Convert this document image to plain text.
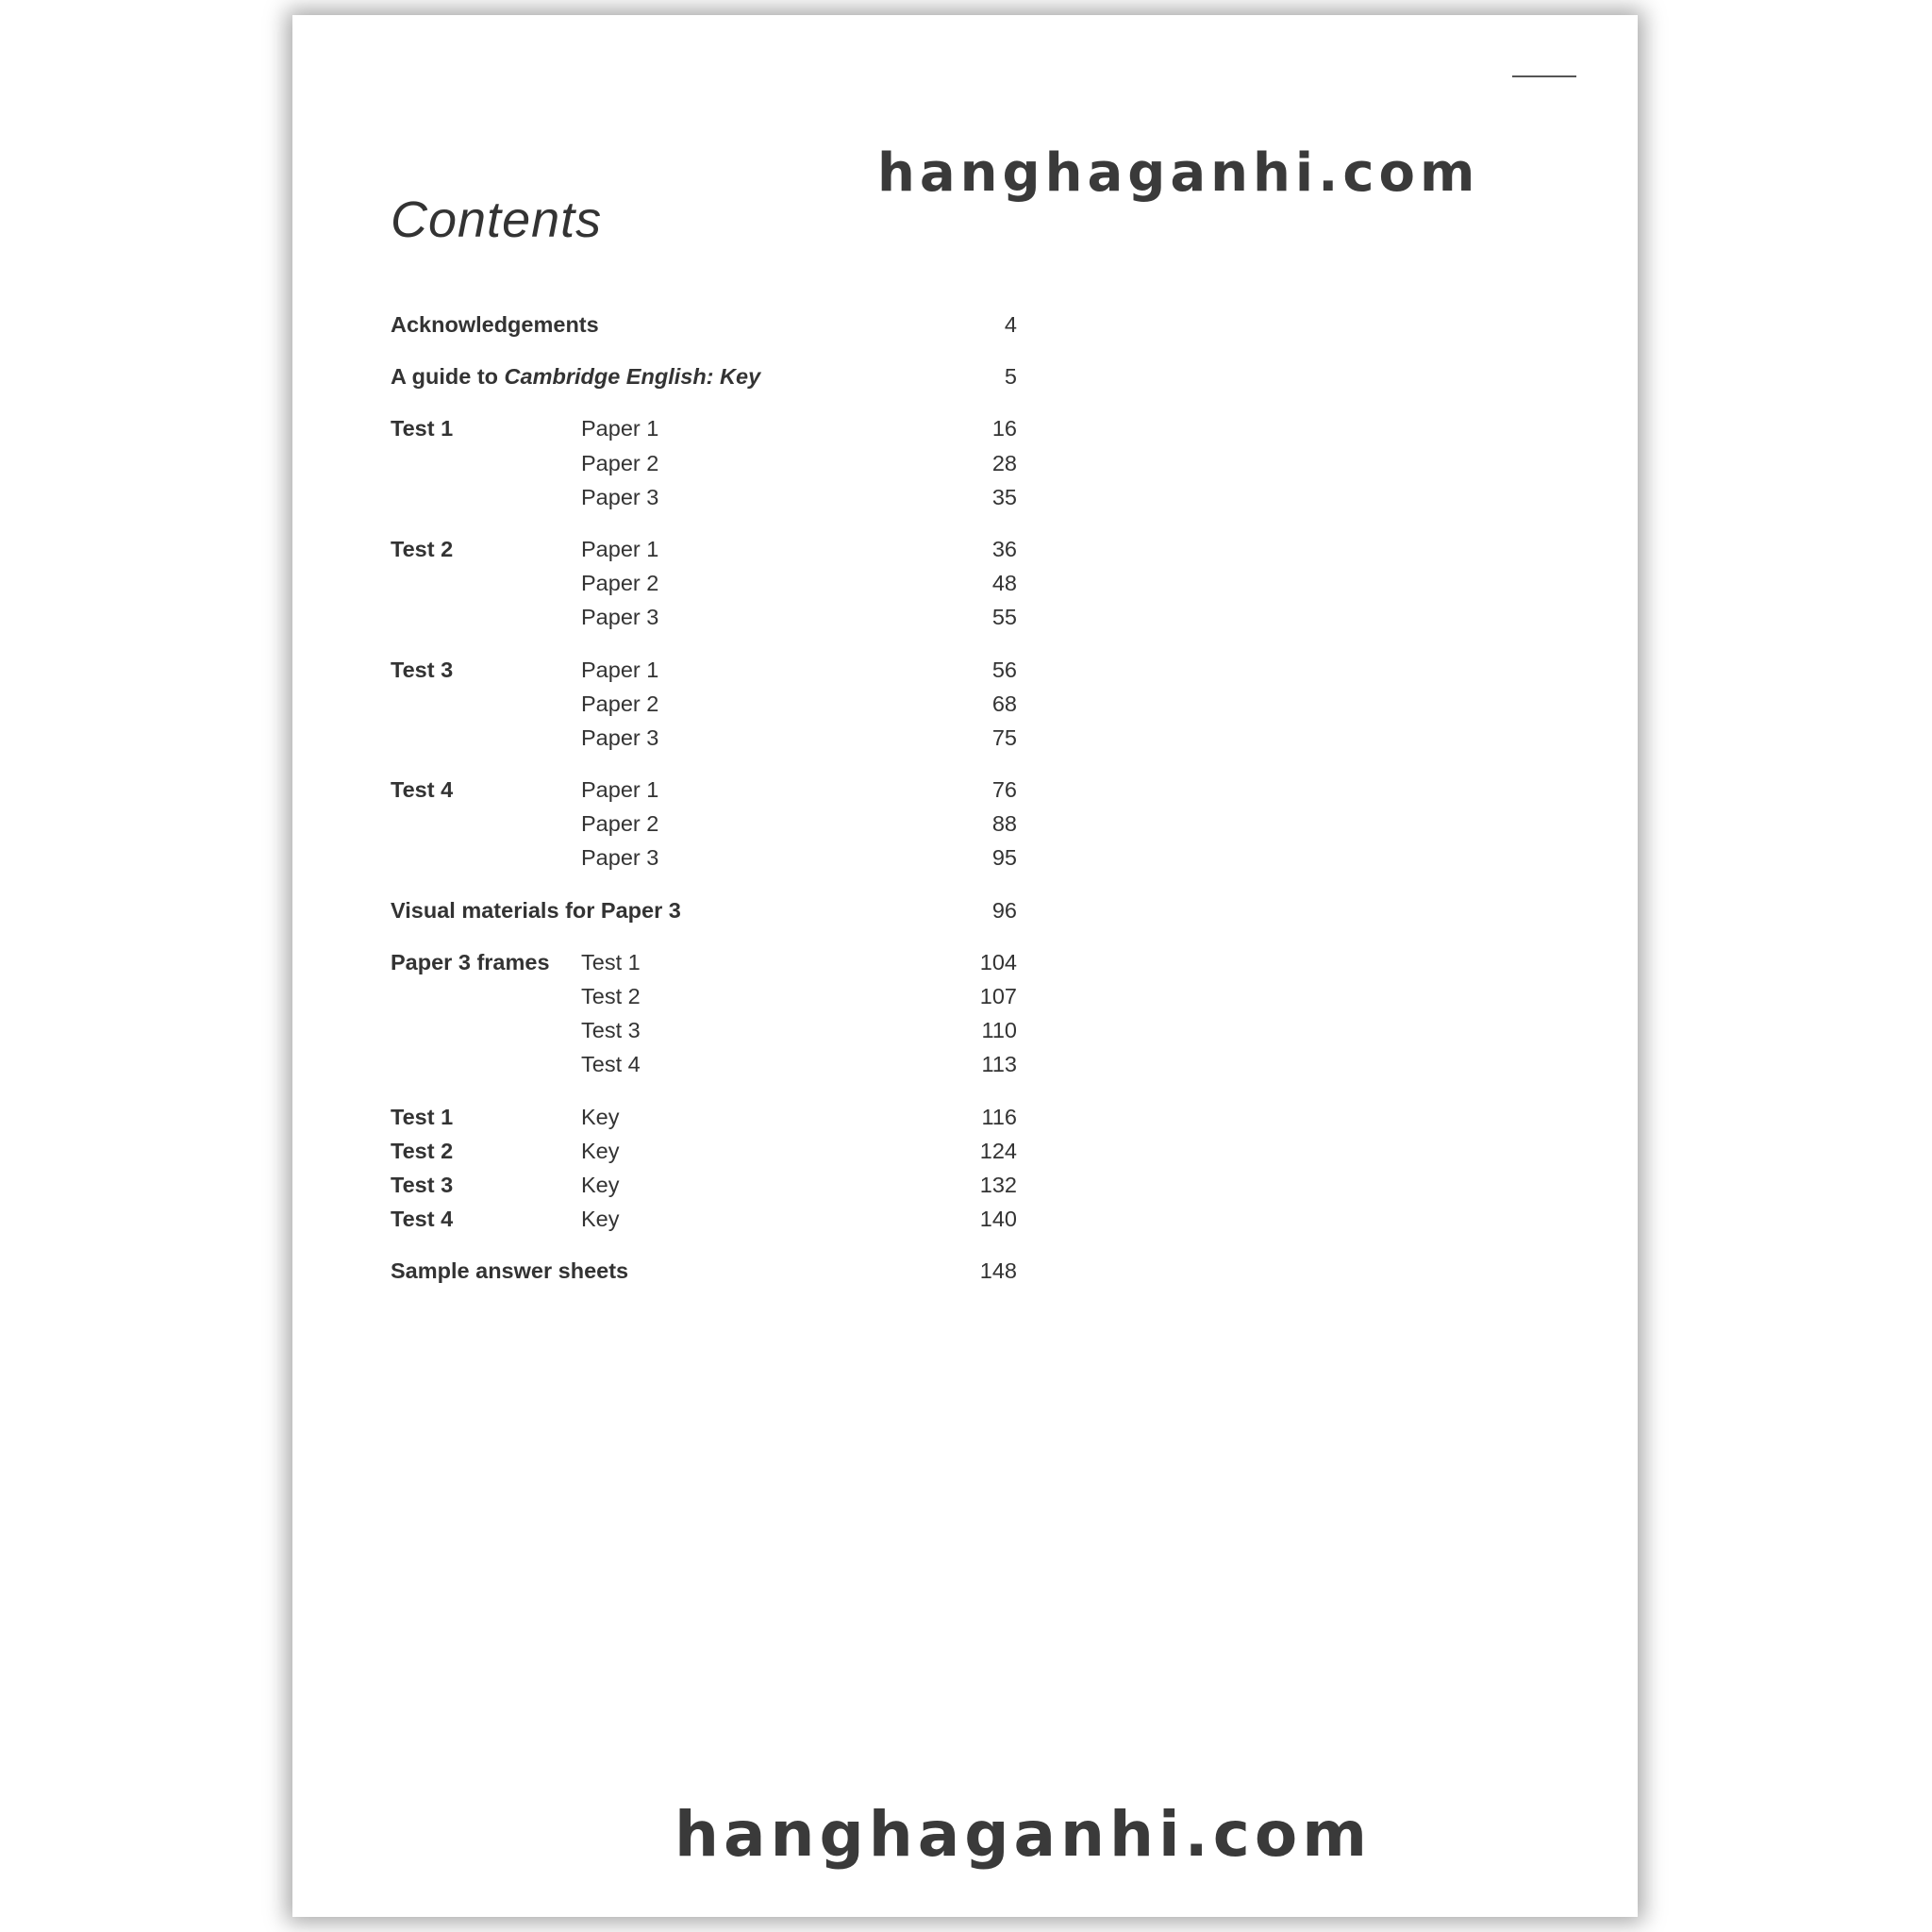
hanghaganhi.com
Contents
Acknowledgements	4
A guide to Cambridge English: Key	5
Test 1	Paper 1	16
Paper 2	28
Paper 3	35
Test 2	Paper 1	36
Paper 2	48
Paper 3	55
Test 3	Paper 1	56
Paper 2	68
Paper 3	75
Test 4	Paper 1	76
Paper 2	88
Paper 3	95
Visual materials for Paper 3	96
Paper 3 frames	Test 1	104
Test 2	107
Test 3	110
Test 4	113
Test 1	Key	116
Test 2	Key	124
Test 3	Key	132
Test 4	Key	140
Sample answer sheets	148
hanghaganhi.com
